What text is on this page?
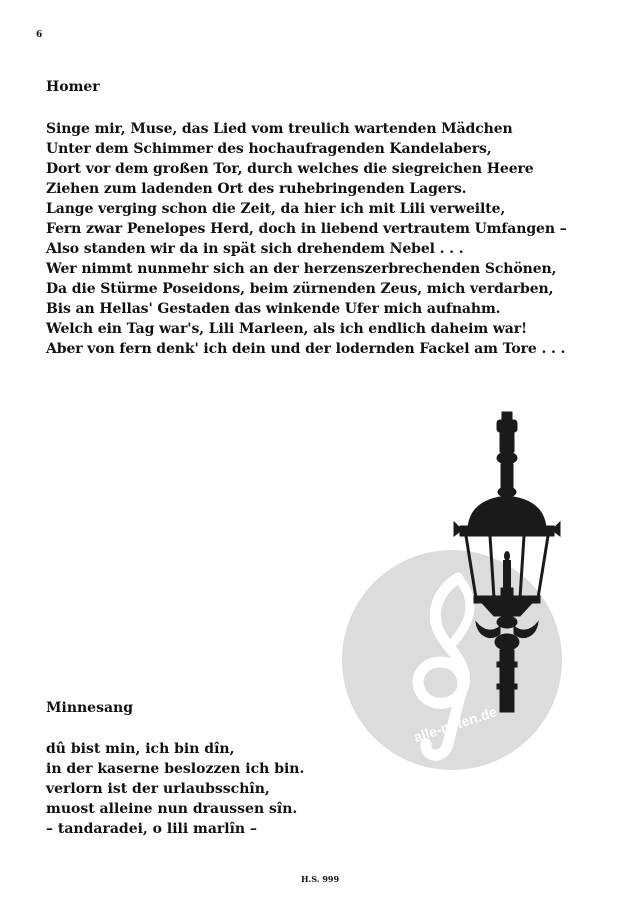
6
Homer
Singe mir, Muse, das Lied vom treulich wartenden Mädchen
Unter dem Schimmer des hochaufragenden Kandelabers,
Dort vor dem großen Tor, durch welches die siegreichen Heere
Ziehen zum ladenden Ort des ruhebringenden Lagers.
Lange verging schon die Zeit, da hier ich mit Lili verweilte,
Fern zwar Penelopes Herd, doch in liebend vertrautem Umfangen –
Also standen wir da in spät sich drehendem Nebel . . .
Wer nimmt nunmehr sich an der herzenszerbrechenden Schönen,
Da die Stürme Poseidons, beim zürnenden Zeus, mich verdarben,
Bis an Hellas' Gestaden das winkende Ufer mich aufnahm.
Welch ein Tag war's, Lili Marleen, als ich endlich daheim war!
Aber von fern denk' ich dein und der lodernden Fackel am Tore . . .
alle-noten.de
Minnesang
dû bist min, ich bin dîn,
in der kaserne beslozzen ich bin.
verlorn ist der urlaubsschîn,
muost alleine nun draussen sîn.
– tandaradei, o lili marlîn –
H.S. 999
